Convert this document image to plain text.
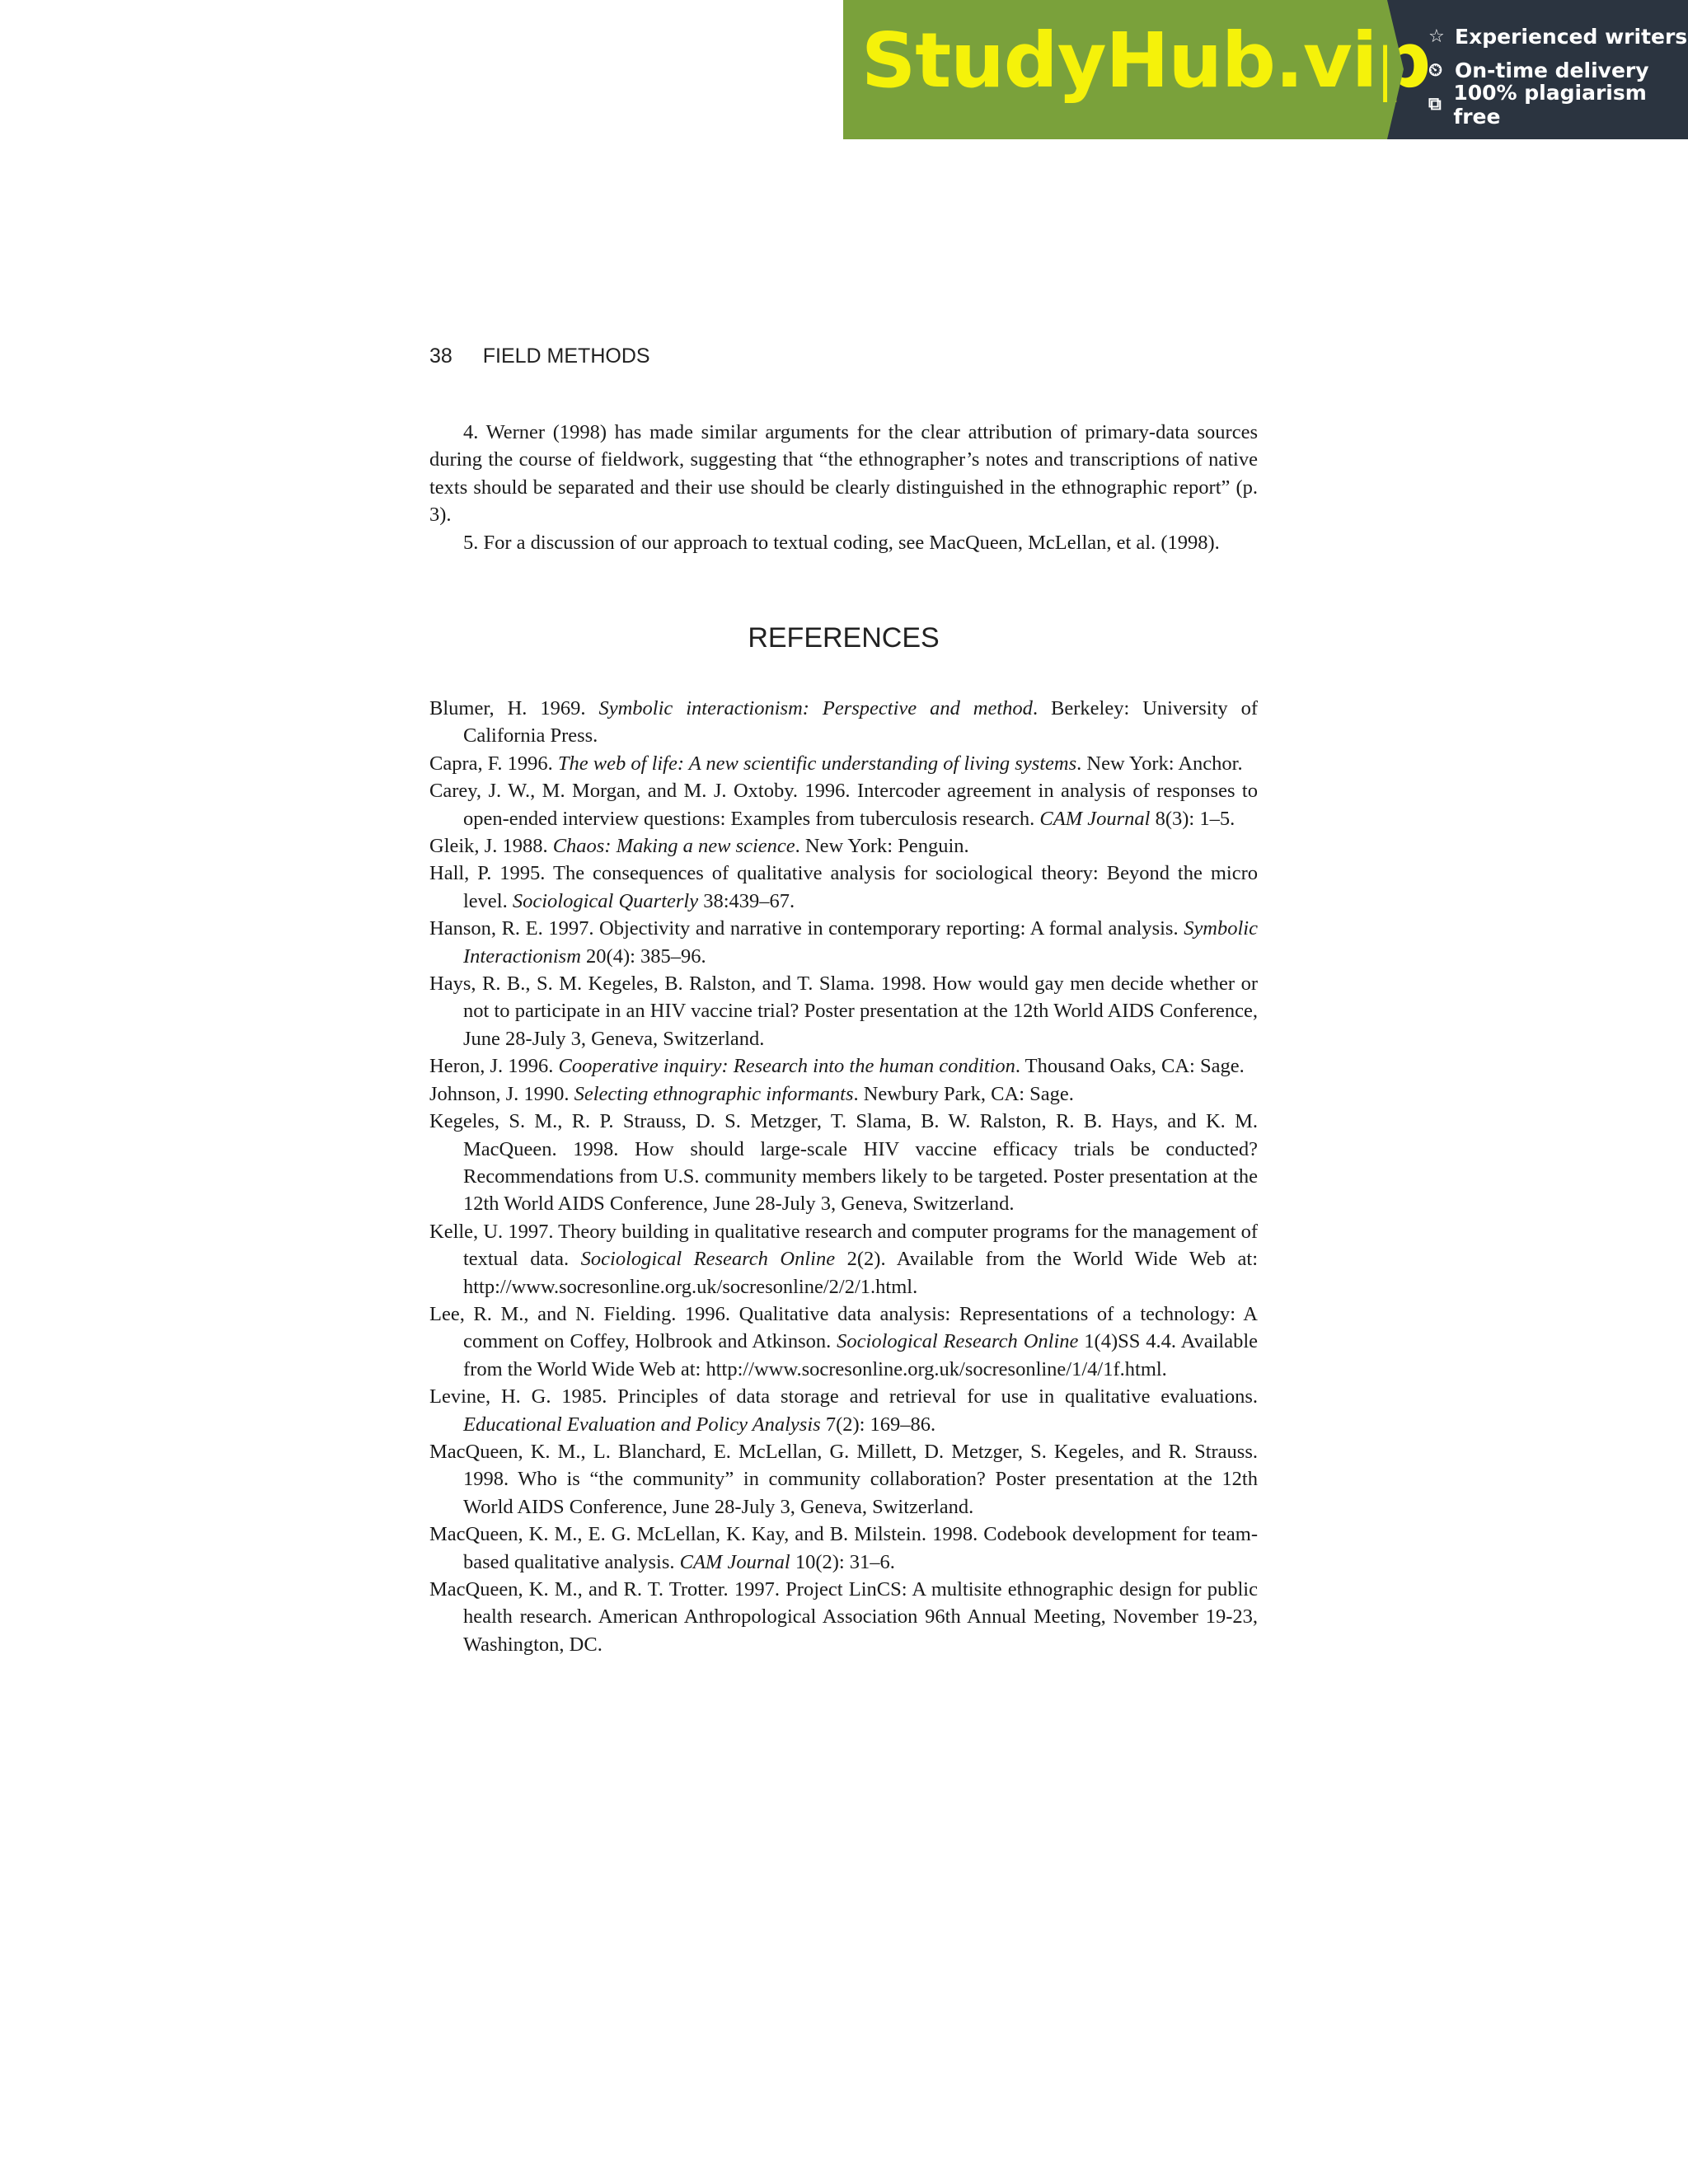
StudyHub.vip
☆ Experienced writers
⏲ On-time delivery
⧉ 100% plagiarism free
38 FIELD METHODS

4. Werner (1998) has made similar arguments for the clear attribution of primary-data sources during the course of fieldwork, suggesting that “the ethnographer’s notes and transcriptions of native texts should be separated and their use should be clearly distinguished in the ethnographic report” (p. 3).

5. For a discussion of our approach to textual coding, see MacQueen, McLellan, et al. (1998).

REFERENCES

Blumer, H. 1969. Symbolic interactionism: Perspective and method. Berkeley: University of California Press.

Capra, F. 1996. The web of life: A new scientific understanding of living systems. New York: Anchor.

Carey, J. W., M. Morgan, and M. J. Oxtoby. 1996. Intercoder agreement in analysis of responses to open-ended interview questions: Examples from tuberculosis research. CAM Journal 8(3): 1–5.

Gleik, J. 1988. Chaos: Making a new science. New York: Penguin.

Hall, P. 1995. The consequences of qualitative analysis for sociological theory: Beyond the micro level. Sociological Quarterly 38:439–67.

Hanson, R. E. 1997. Objectivity and narrative in contemporary reporting: A formal analysis. Symbolic Interactionism 20(4): 385–96.

Hays, R. B., S. M. Kegeles, B. Ralston, and T. Slama. 1998. How would gay men decide whether or not to participate in an HIV vaccine trial? Poster presentation at the 12th World AIDS Conference, June 28-July 3, Geneva, Switzerland.

Heron, J. 1996. Cooperative inquiry: Research into the human condition. Thousand Oaks, CA: Sage.

Johnson, J. 1990. Selecting ethnographic informants. Newbury Park, CA: Sage.

Kegeles, S. M., R. P. Strauss, D. S. Metzger, T. Slama, B. W. Ralston, R. B. Hays, and K. M. MacQueen. 1998. How should large-scale HIV vaccine efficacy trials be conducted? Recommendations from U.S. community members likely to be targeted. Poster presentation at the 12th World AIDS Conference, June 28-July 3, Geneva, Switzerland.

Kelle, U. 1997. Theory building in qualitative research and computer programs for the management of textual data. Sociological Research Online 2(2). Available from the World Wide Web at: http://www.socresonline.org.uk/socresonline/2/2/1.html.

Lee, R. M., and N. Fielding. 1996. Qualitative data analysis: Representations of a technology: A comment on Coffey, Holbrook and Atkinson. Sociological Research Online 1(4)SS 4.4. Available from the World Wide Web at: http://www.socresonline.org.uk/socresonline/1/4/1f.html.

Levine, H. G. 1985. Principles of data storage and retrieval for use in qualitative evaluations. Educational Evaluation and Policy Analysis 7(2): 169–86.

MacQueen, K. M., L. Blanchard, E. McLellan, G. Millett, D. Metzger, S. Kegeles, and R. Strauss. 1998. Who is “the community” in community collaboration? Poster presentation at the 12th World AIDS Conference, June 28-July 3, Geneva, Switzerland.

MacQueen, K. M., E. G. McLellan, K. Kay, and B. Milstein. 1998. Codebook development for team-based qualitative analysis. CAM Journal 10(2): 31–6.

MacQueen, K. M., and R. T. Trotter. 1997. Project LinCS: A multisite ethnographic design for public health research. American Anthropological Association 96th Annual Meeting, November 19-23, Washington, DC.
